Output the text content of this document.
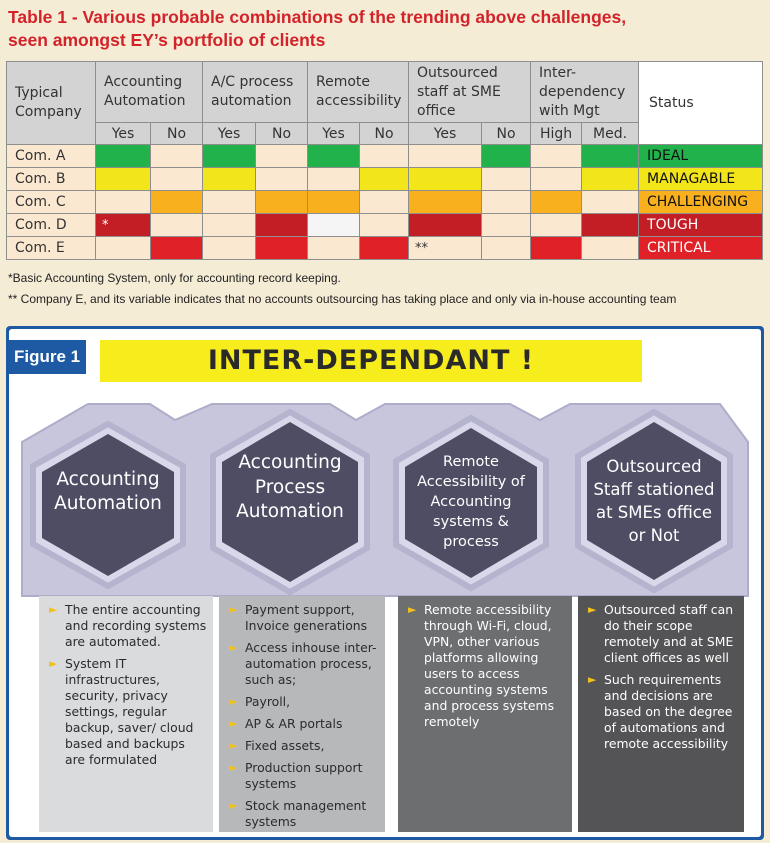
Table 1 - Various probable combinations of the trending above challenges,
seen amongst EY’s portfolio of clients
Typical Company	Accounting Automation		A/C process automation		Remote accessibility		Outsourced staff at SME office		Inter-dependency with Mgt		Status
	Yes	No	Yes	No	Yes	No	Yes	No	High	Med.	
Com. A											IDEAL
Com. B											MANAGABLE
Com. C											CHALLENGING
Com. D	*										TOUGH
Com. E							**				CRITICAL
*Basic Accounting System, only for accounting record keeping.
** Company E, and its variable indicates that no accounts outsourcing has taking place and only via in-house accounting team
Figure 1	INTER-DEPENDANT !
Accounting
Automation
Accounting
Process
Automation
Remote
Accessibility of
Accounting
systems &
process
Outsourced
Staff stationed
at SMEs office
or Not
► The entire accounting and recording systems are automated.
► System IT infrastructures, security, privacy settings, regular backup, saver/ cloud based and backups are formulated
► Payment support, Invoice generations
► Access inhouse inter-automation process, such as;
► Payroll,
► AP & AR portals
► Fixed assets,
► Production support systems
► Stock management systems
► Remote accessibility through Wi-Fi, cloud, VPN, other various platforms allowing users to access accounting systems and process systems remotely
► Outsourced staff can do their scope remotely and at SME client offices as well
► Such requirements and decisions are based on the degree of automations and remote accessibility
